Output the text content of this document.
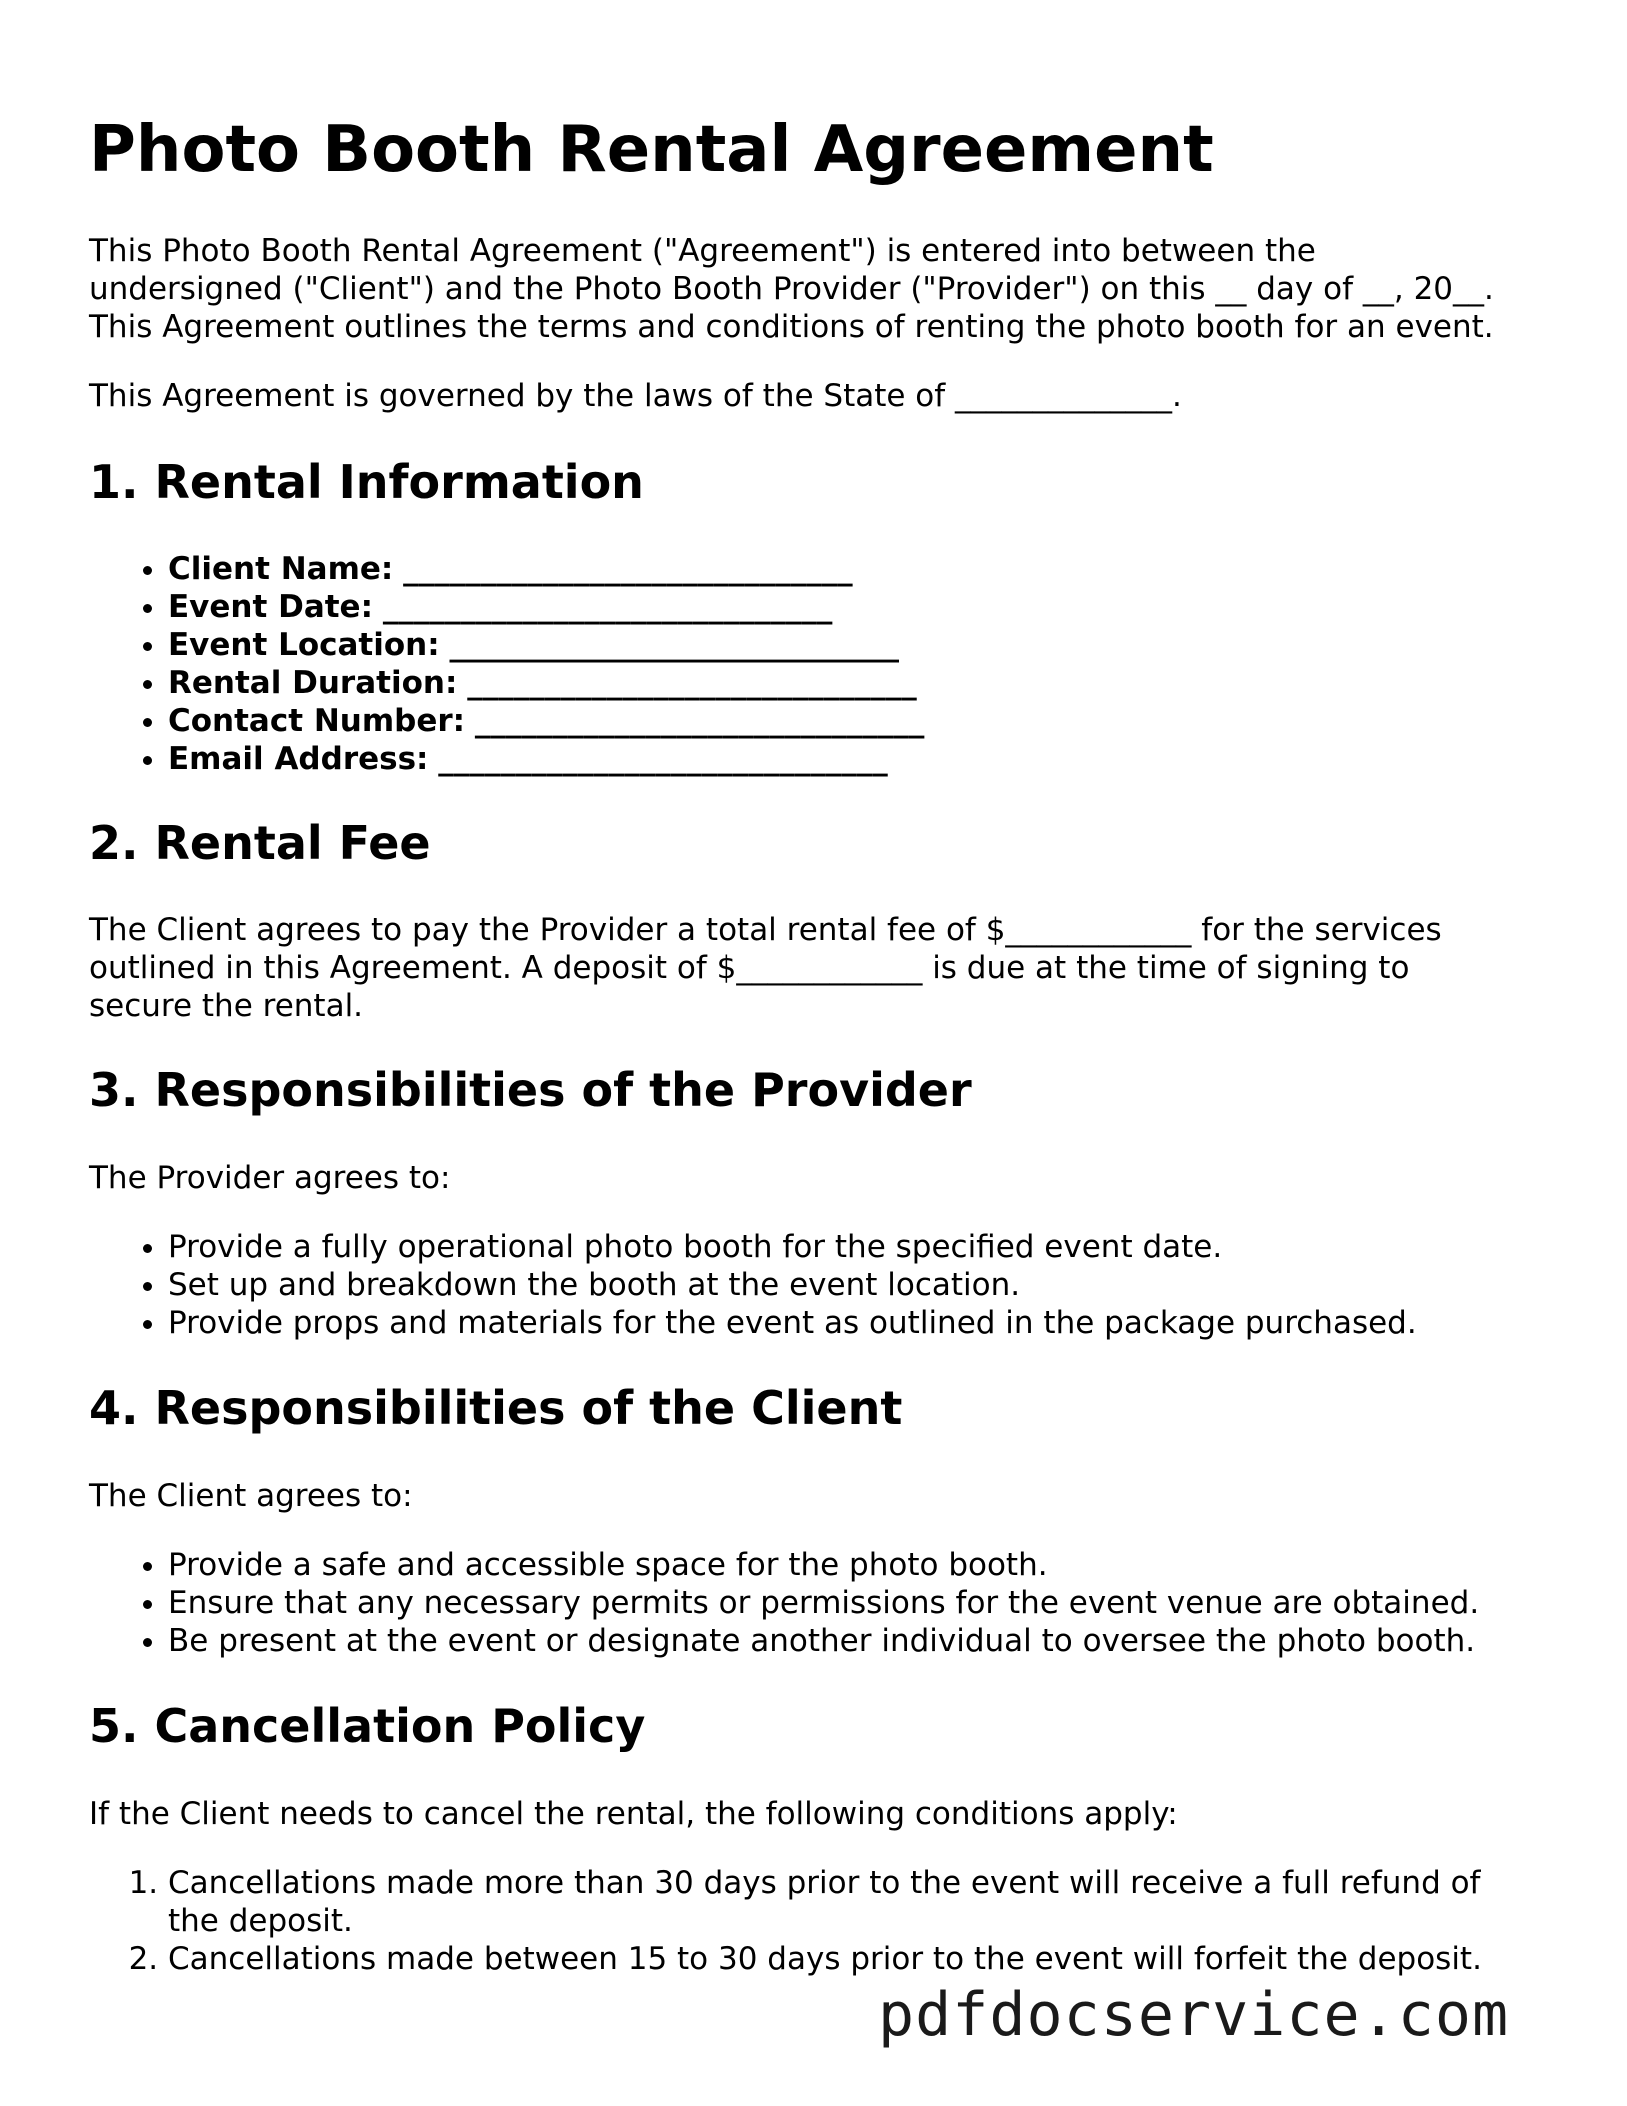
Photo Booth Rental Agreement

This Photo Booth Rental Agreement ("Agreement") is entered into between the
undersigned ("Client") and the Photo Booth Provider ("Provider") on this __ day of __, 20__.
This Agreement outlines the terms and conditions of renting the photo booth for an event.

This Agreement is governed by the laws of the State of ______________.

1. Rental Information
• Client Name: _____________________________
• Event Date: _____________________________
• Event Location: _____________________________
• Rental Duration: _____________________________
• Contact Number: _____________________________
• Email Address: _____________________________
2. Rental Fee

The Client agrees to pay the Provider a total rental fee of $____________ for the services
outlined in this Agreement. A deposit of $____________ is due at the time of signing to
secure the rental.

3. Responsibilities of the Provider

The Provider agrees to:

• Provide a fully operational photo booth for the specified event date.
• Set up and breakdown the booth at the event location.
• Provide props and materials for the event as outlined in the package purchased.
4. Responsibilities of the Client

The Client agrees to:

• Provide a safe and accessible space for the photo booth.
• Ensure that any necessary permits or permissions for the event venue are obtained.
• Be present at the event or designate another individual to oversee the photo booth.
5. Cancellation Policy

If the Client needs to cancel the rental, the following conditions apply:

1. Cancellations made more than 30 days prior to the event will receive a full refund of
the deposit.
2. Cancellations made between 15 to 30 days prior to the event will forfeit the deposit.
pdfdocservice.com
